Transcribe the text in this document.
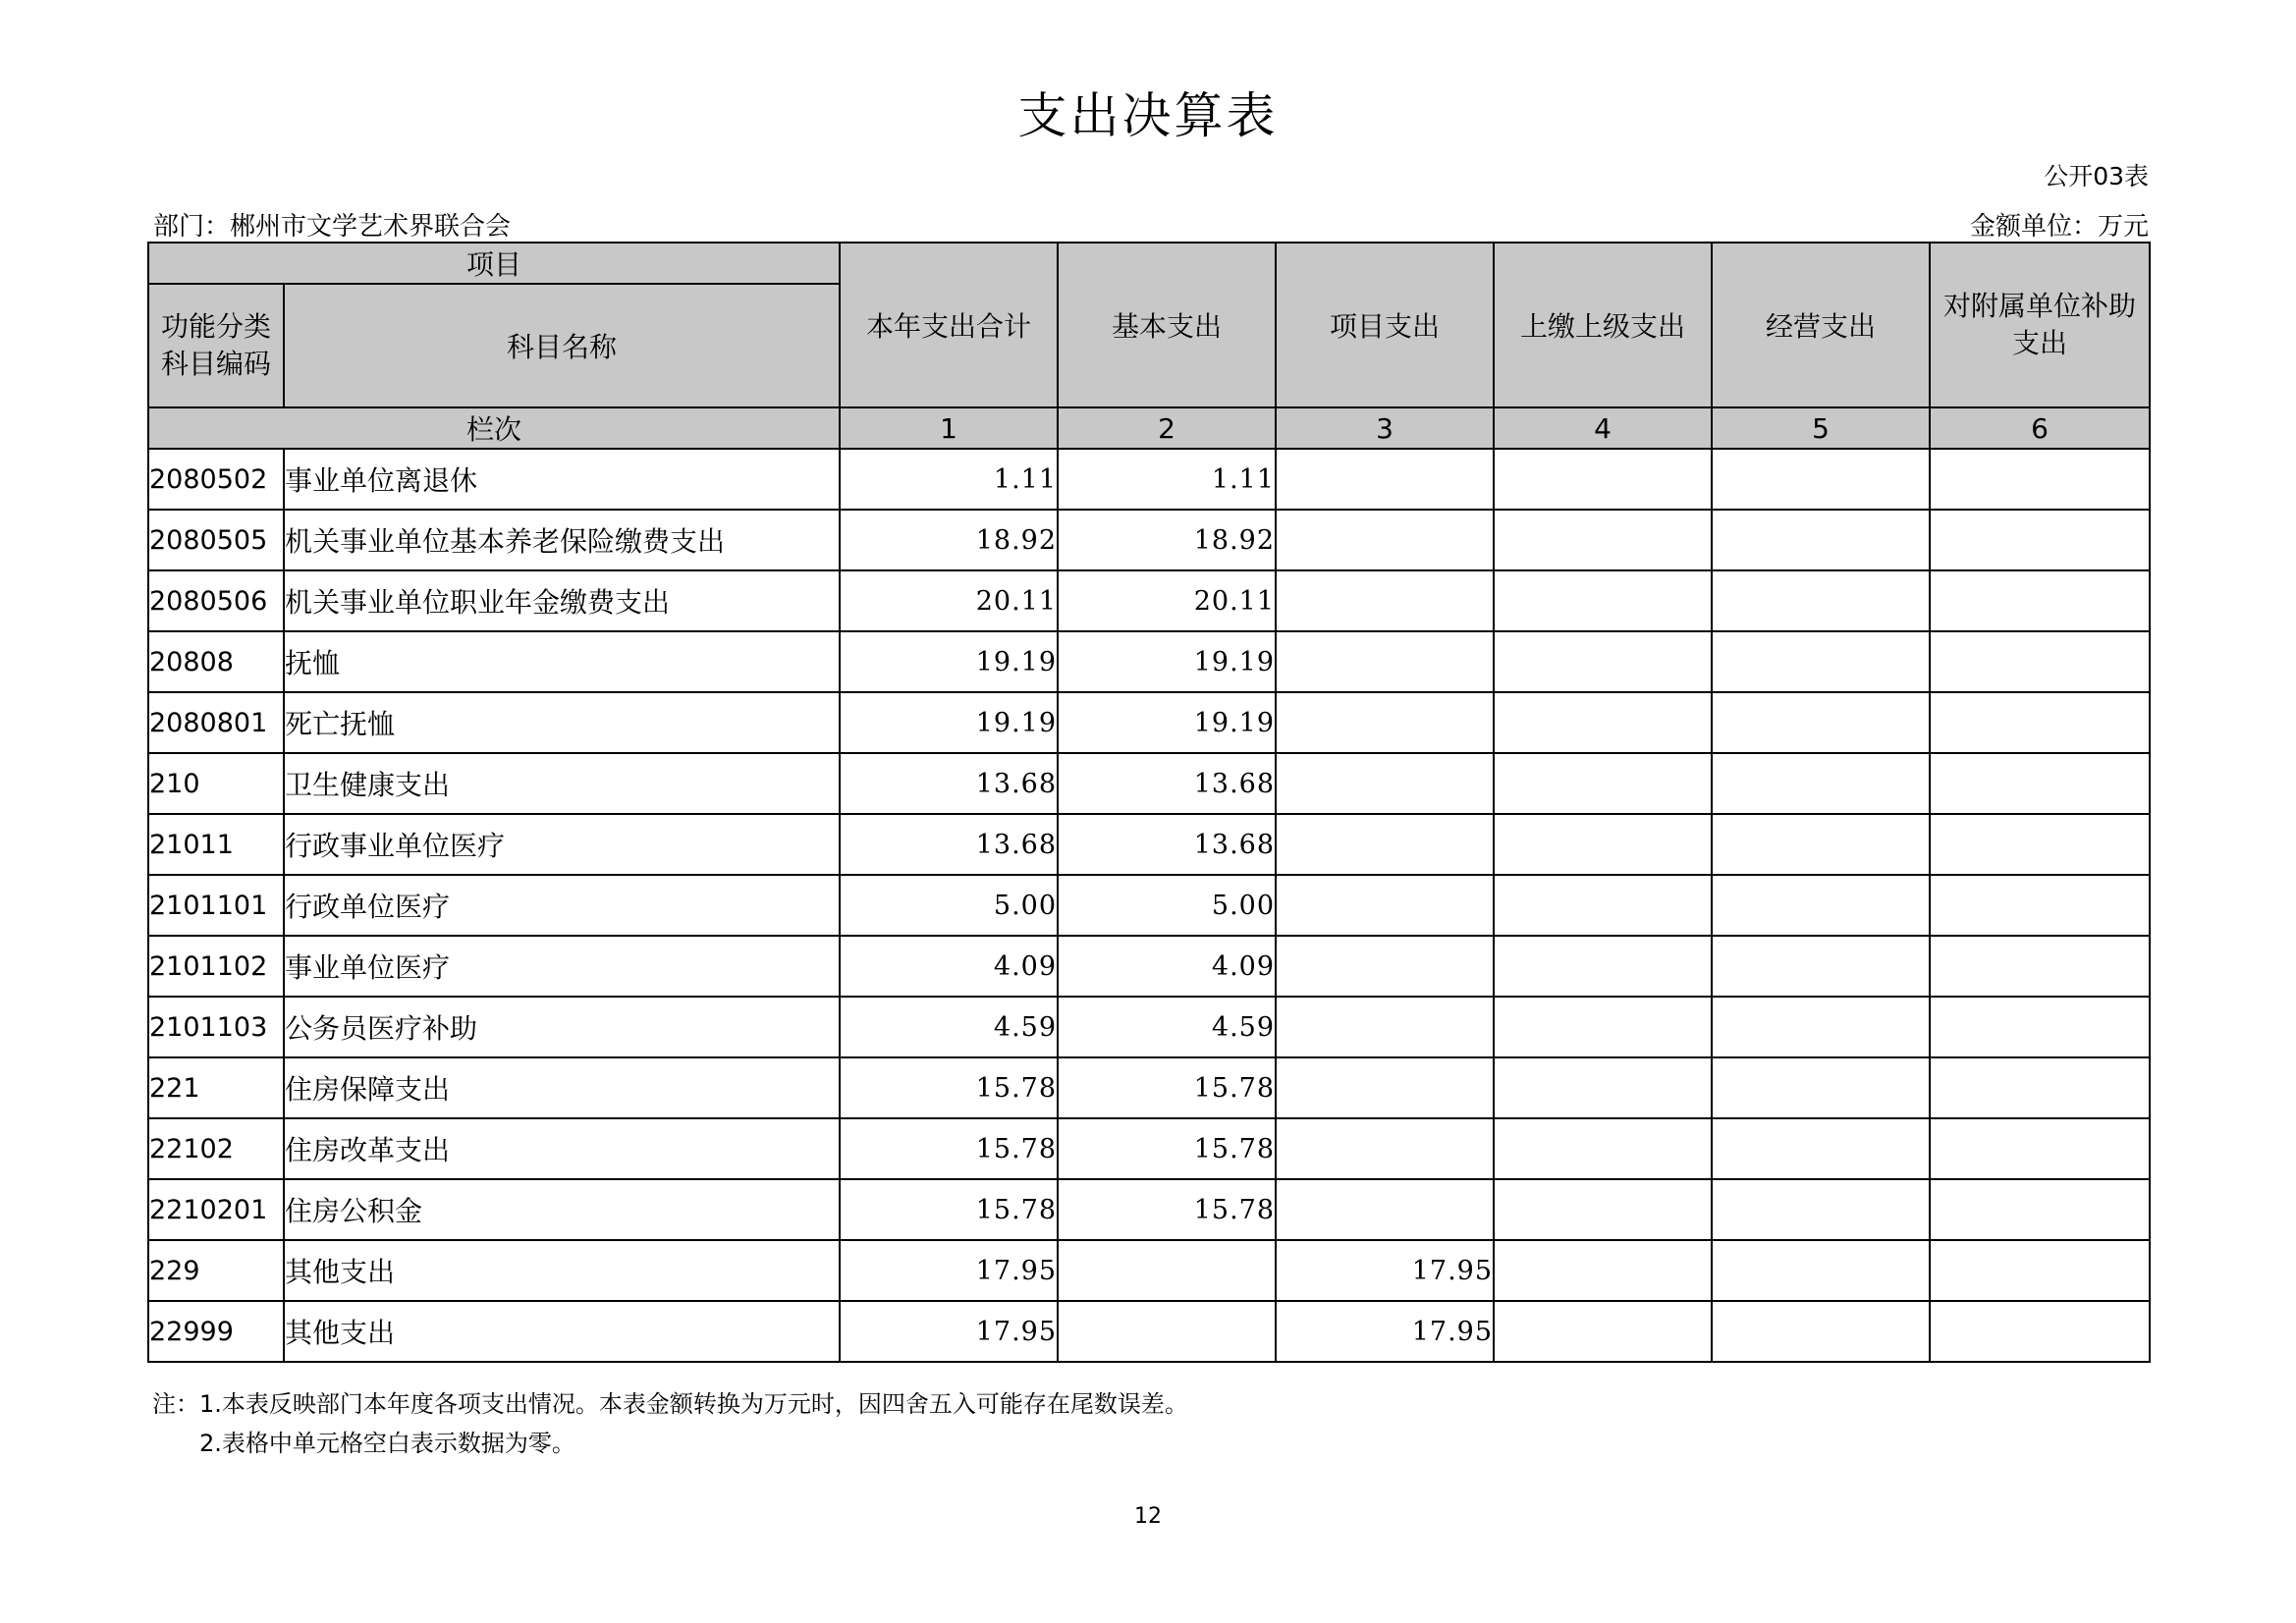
支出决算表
公开03表
部门：郴州市文学艺术界联合会	金额单位：万元
项目		本年支出合计	基本支出	项目支出	上缴上级支出	经营支出	对附属单位补助支出
功能分类科目编码	科目名称						
栏次		1	2	3	4	5	6
2080502	事业单位离退休	1.11	1.11				
2080505	机关事业单位基本养老保险缴费支出	18.92	18.92				
2080506	机关事业单位职业年金缴费支出	20.11	20.11				
20808	抚恤	19.19	19.19				
2080801	死亡抚恤	19.19	19.19				
210	卫生健康支出	13.68	13.68				
21011	行政事业单位医疗	13.68	13.68				
2101101	行政单位医疗	5.00	5.00				
2101102	事业单位医疗	4.09	4.09				
2101103	公务员医疗补助	4.59	4.59				
221	住房保障支出	15.78	15.78				
22102	住房改革支出	15.78	15.78				
2210201	住房公积金	15.78	15.78				
229	其他支出	17.95		17.95			
22999	其他支出	17.95		17.95			
注：1.本表反映部门本年度各项支出情况。本表金额转换为万元时，因四舍五入可能存在尾数误差。
2.表格中单元格空白表示数据为零。
12
